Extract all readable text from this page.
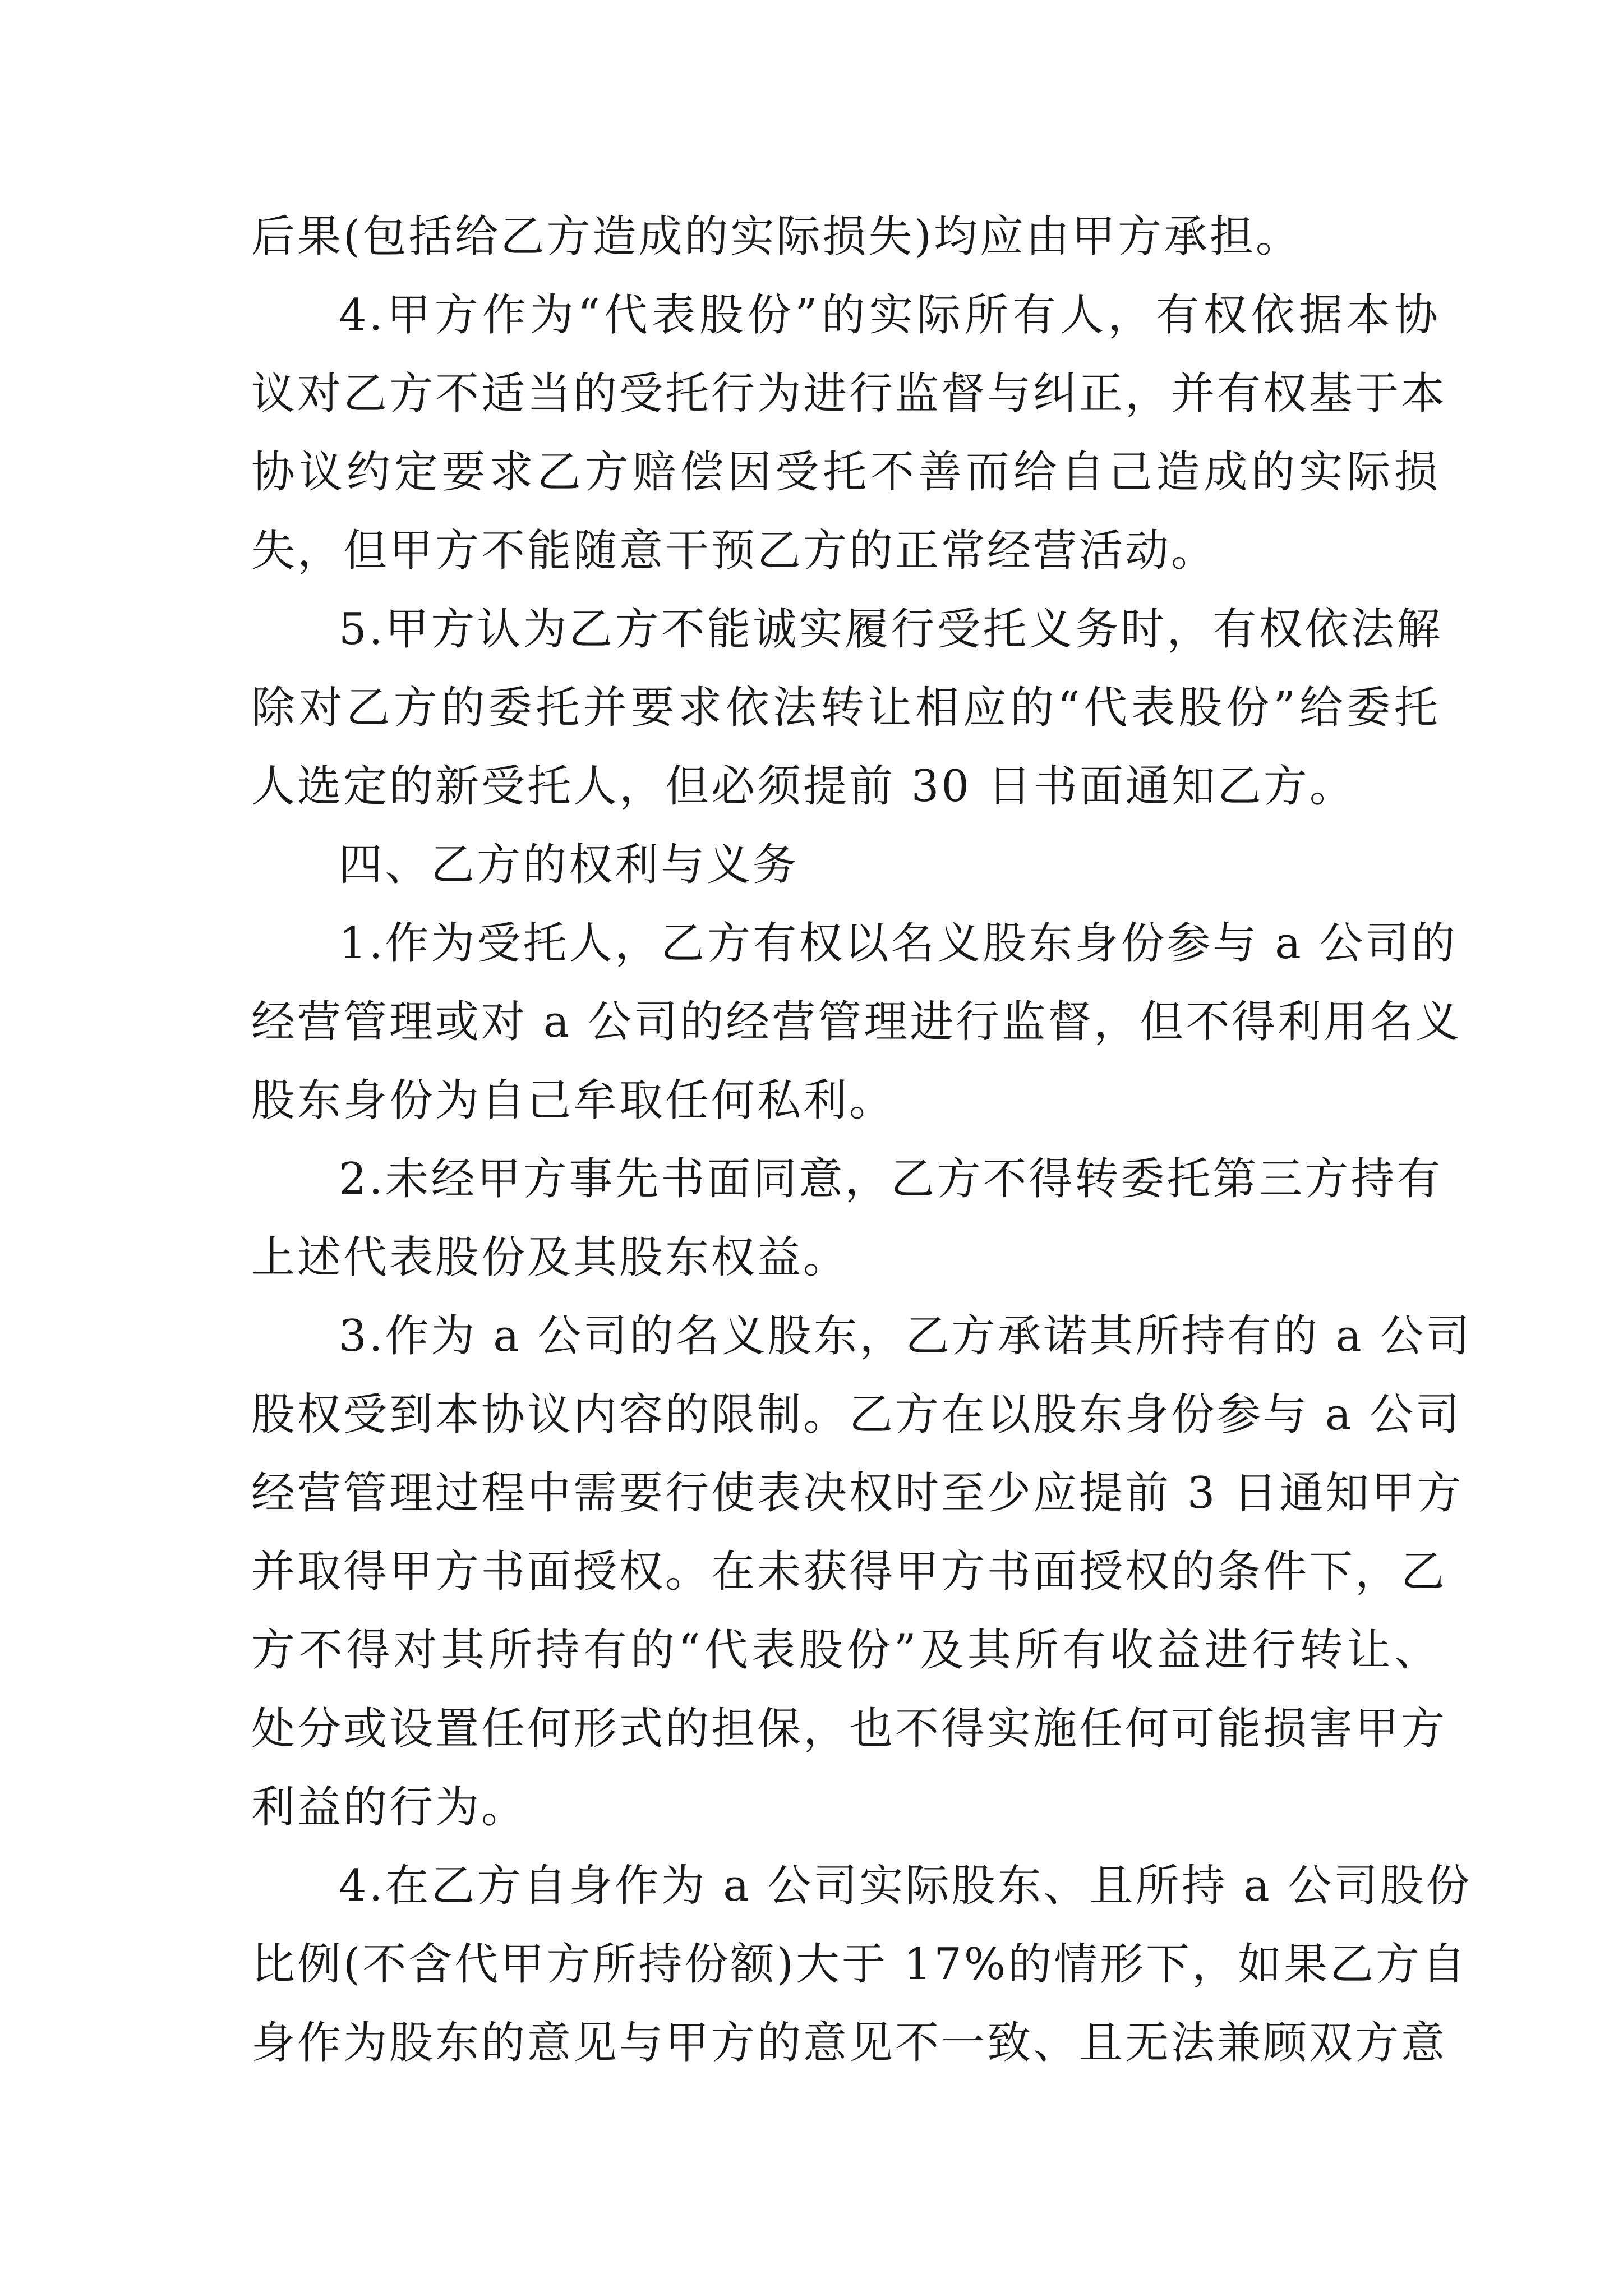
后果(包括给乙方造成的实际损失)均应由甲方承担。
4.甲方作为“代表股份”的实际所有人，有权依据本协
议对乙方不适当的受托行为进行监督与纠正，并有权基于本
协议约定要求乙方赔偿因受托不善而给自己造成的实际损
失，但甲方不能随意干预乙方的正常经营活动。
5.甲方认为乙方不能诚实履行受托义务时，有权依法解
除对乙方的委托并要求依法转让相应的“代表股份”给委托
人选定的新受托人，但必须提前 30 日书面通知乙方。
四、乙方的权利与义务
1.作为受托人，乙方有权以名义股东身份参与 a 公司的
经营管理或对 a 公司的经营管理进行监督，但不得利用名义
股东身份为自己牟取任何私利。
2.未经甲方事先书面同意，乙方不得转委托第三方持有
上述代表股份及其股东权益。
3.作为 a 公司的名义股东，乙方承诺其所持有的 a 公司
股权受到本协议内容的限制。乙方在以股东身份参与 a 公司
经营管理过程中需要行使表决权时至少应提前 3 日通知甲方
并取得甲方书面授权。在未获得甲方书面授权的条件下，乙
方不得对其所持有的“代表股份”及其所有收益进行转让、
处分或设置任何形式的担保，也不得实施任何可能损害甲方
利益的行为。
4.在乙方自身作为 a 公司实际股东、且所持 a 公司股份
比例(不含代甲方所持份额)大于 17%的情形下，如果乙方自
身作为股东的意见与甲方的意见不一致、且无法兼顾双方意
